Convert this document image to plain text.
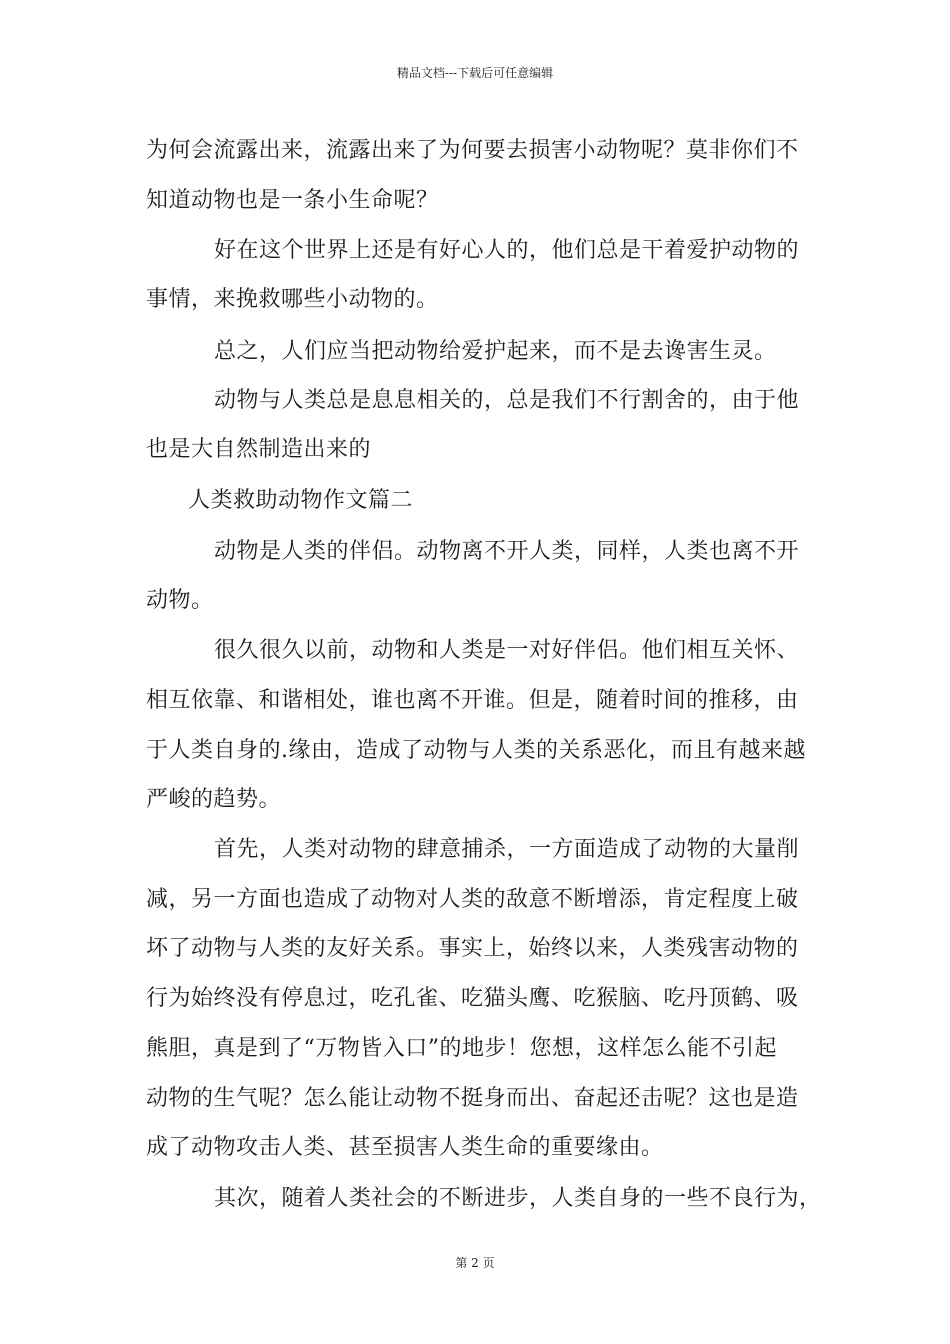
精品文档---下载后可任意编辑
为何会流露出来，流露出来了为何要去损害小动物呢？莫非你们不
知道动物也是一条小生命呢？
好在这个世界上还是有好心人的，他们总是干着爱护动物的
事情，来挽救哪些小动物的。
总之，人们应当把动物给爱护起来，而不是去谗害生灵。
动物与人类总是息息相关的，总是我们不行割舍的，由于他
也是大自然制造出来的
人类救助动物作文篇二
动物是人类的伴侣。动物离不开人类，同样，人类也离不开
动物。
很久很久以前，动物和人类是一对好伴侣。他们相互关怀、
相互依靠、和谐相处，谁也离不开谁。但是，随着时间的推移，由
于人类自身的.缘由，造成了动物与人类的关系恶化，而且有越来越
严峻的趋势。
首先，人类对动物的肆意捕杀，一方面造成了动物的大量削
减，另一方面也造成了动物对人类的敌意不断增添，肯定程度上破
坏了动物与人类的友好关系。事实上，始终以来，人类残害动物的
行为始终没有停息过，吃孔雀、吃猫头鹰、吃猴脑、吃丹顶鹤、吸
熊胆，真是到了“万物皆入口”的地步！您想，这样怎么能不引起
动物的生气呢？怎么能让动物不挺身而出、奋起还击呢？这也是造
成了动物攻击人类、甚至损害人类生命的重要缘由。
其次，随着人类社会的不断进步，人类自身的一些不良行为，
第 2 页
